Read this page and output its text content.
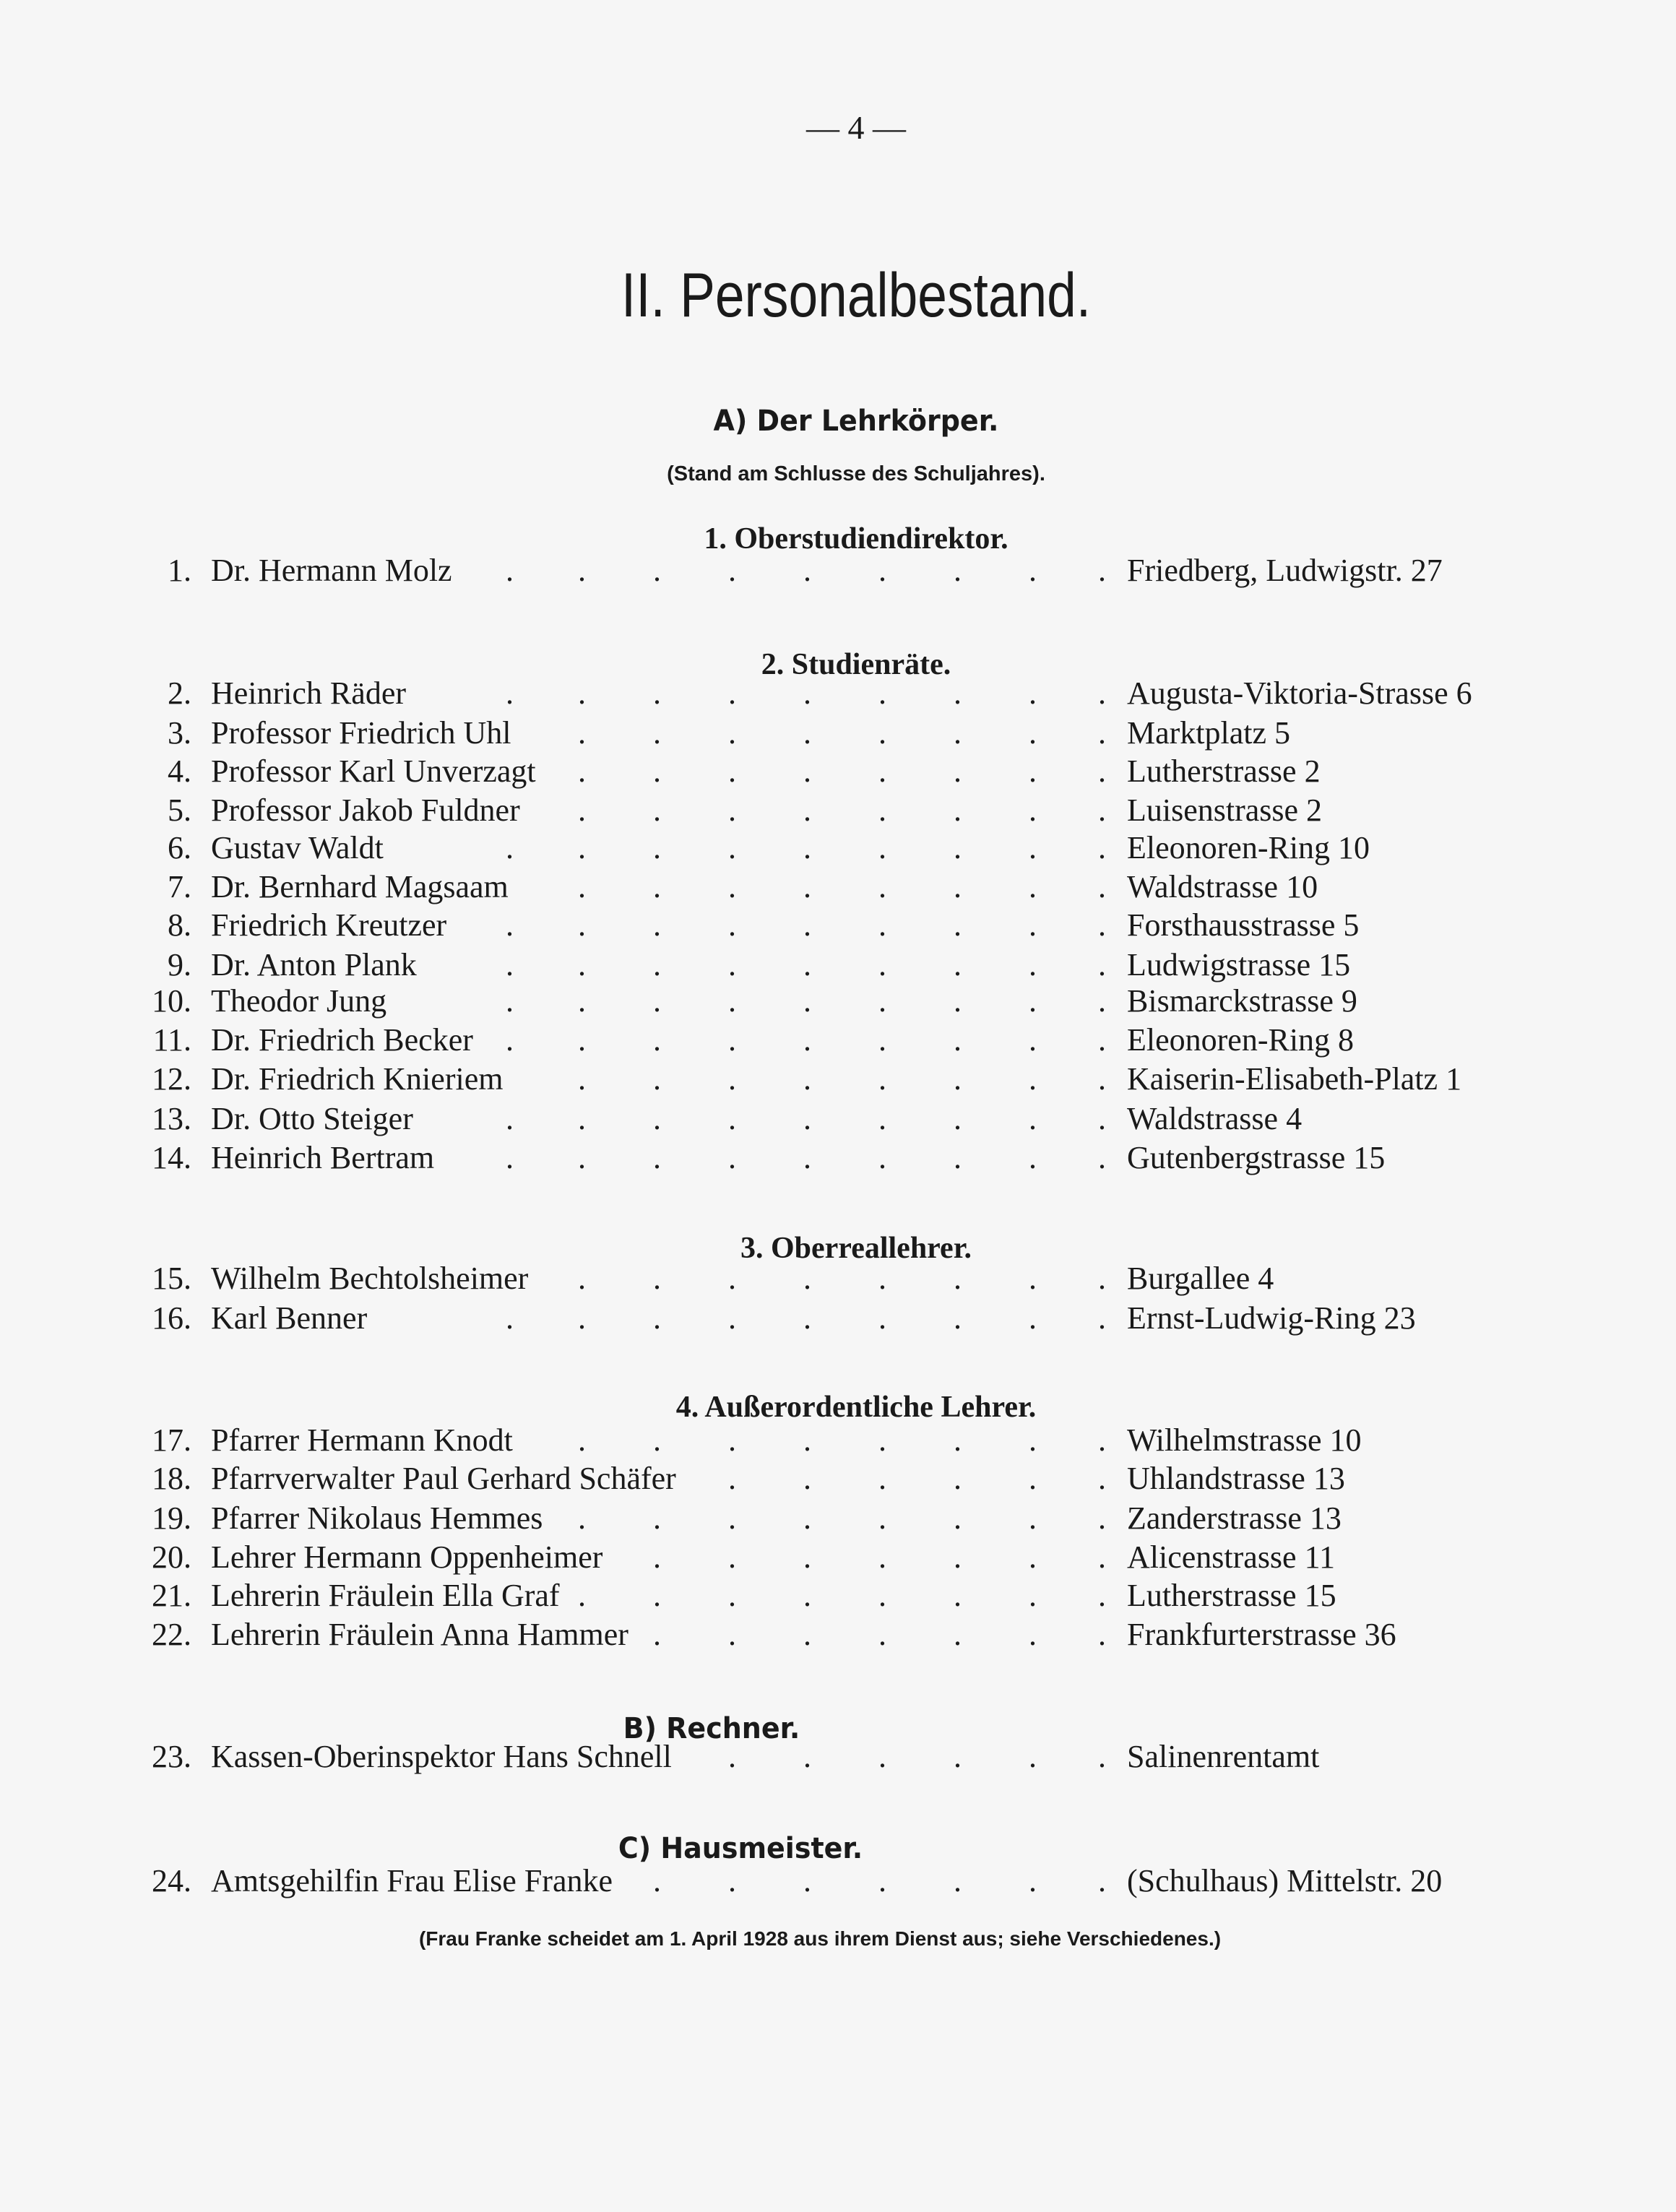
— 4 —
II. Personalbestand.
A) Der Lehrkörper.
(Stand am Schlusse des Schuljahres).
1. Oberstudiendirektor.
2. Studienräte.
3. Oberreallehrer.
4. Außerordentliche Lehrer.
B) Rechner.
C) Hausmeister.
(Frau Franke scheidet am 1. April 1928 aus ihrem Dienst aus; siehe Verschiedenes.)
1. Dr. Hermann Molz	Friedberg, Ludwigstr. 27
. . . . . . . . .
2. Heinrich Räder	Augusta-Viktoria-Strasse 6
. . . . . . . . .
3. Professor Friedrich Uhl	Marktplatz 5
. . . . . . . .
4. Professor Karl Unverzagt	Lutherstrasse 2
. . . . . . . .
5. Professor Jakob Fuldner	Luisenstrasse 2
. . . . . . . .
6. Gustav Waldt	Eleonoren-Ring 10
. . . . . . . . .
7. Dr. Bernhard Magsaam	Waldstrasse 10
. . . . . . . .
8. Friedrich Kreutzer	Forsthausstrasse 5
. . . . . . . . .
9. Dr. Anton Plank	Ludwigstrasse 15
. . . . . . . . .
10. Theodor Jung	Bismarckstrasse 9
. . . . . . . . .
11. Dr. Friedrich Becker	Eleonoren-Ring 8
. . . . . . . . .
12. Dr. Friedrich Knieriem	Kaiserin-Elisabeth-Platz 1
. . . . . . . .
13. Dr. Otto Steiger	Waldstrasse 4
. . . . . . . . .
14. Heinrich Bertram	Gutenbergstrasse 15
. . . . . . . . .
15. Wilhelm Bechtolsheimer	Burgallee 4
. . . . . . . .
16. Karl Benner	Ernst-Ludwig-Ring 23
. . . . . . . . .
17. Pfarrer Hermann Knodt	Wilhelmstrasse 10
. . . . . . . .
18. Pfarrverwalter Paul Gerhard Schäfer	Uhlandstrasse 13
. . . . . .
19. Pfarrer Nikolaus Hemmes	Zanderstrasse 13
. . . . . . . .
20. Lehrer Hermann Oppenheimer	Alicenstrasse 11
. . . . . . .
21. Lehrerin Fräulein Ella Graf	Lutherstrasse 15
. . . . . . . .
22. Lehrerin Fräulein Anna Hammer	Frankfurterstrasse 36
. . . . . . .
23. Kassen-Oberinspektor Hans Schnell	Salinenrentamt
. . . . . .
24. Amtsgehilfin Frau Elise Franke	(Schulhaus) Mittelstr. 20
. . . . . . .
